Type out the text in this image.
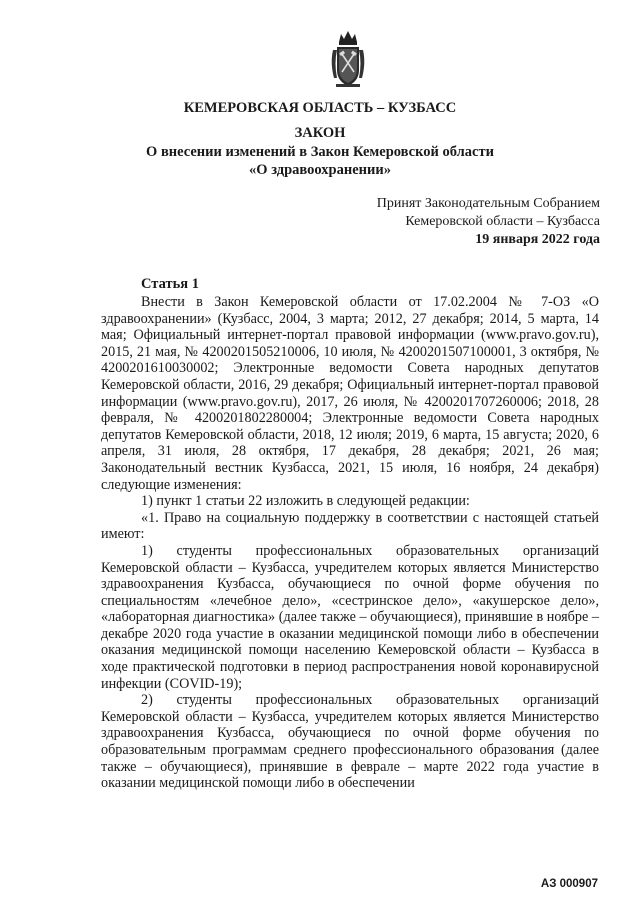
КЕМЕРОВСКАЯ ОБЛАСТЬ – КУЗБАСС
ЗАКОН
О внесении изменений в Закон Кемеровской области
«О здравоохранении»
Принят Законодательным Собранием
Кемеровской области – Кузбасса
19 января 2022 года
Статья 1

Внести в Закон Кемеровской области от 17.02.2004 № 7-ОЗ «О здравоохранении» (Кузбасс, 2004, 3 марта; 2012, 27 декабря; 2014, 5 марта, 14 мая; Официальный интернет-портал правовой информации (www.pravo.gov.ru), 2015, 21 мая, № 4200201505210006, 10 июля, № 4200201507100001, 3 октября, № 4200201610030002; Электронные ведомости Совета народных депутатов Кемеровской области, 2016, 29 декабря; Официальный интернет-портал правовой информации (www.pravo.gov.ru), 2017, 26 июля, № 4200201707260006; 2018, 28 февраля, № 4200201802280004; Электронные ведомости Совета народных депутатов Кемеровской области, 2018, 12 июля; 2019, 6 марта, 15 августа; 2020, 6 апреля, 31 июля, 28 октября, 17 декабря, 28 декабря; 2021, 26 мая; Законодательный вестник Кузбасса, 2021, 15 июля, 16 ноября, 24 декабря) следующие изменения:

1) пункт 1 статьи 22 изложить в следующей редакции:

«1. Право на социальную поддержку в соответствии с настоящей статьей имеют:

1) студенты профессиональных образовательных организаций Кемеровской области – Кузбасса, учредителем которых является Министерство здравоохранения Кузбасса, обучающиеся по очной форме обучения по специальностям «лечебное дело», «сестринское дело», «акушерское дело», «лабораторная диагностика» (далее также – обучающиеся), принявшие в ноябре – декабре 2020 года участие в оказании медицинской помощи либо в обеспечении оказания медицинской помощи населению Кемеровской области – Кузбасса в ходе практической подготовки в период распространения новой коронавирусной инфекции (COVID-19);

2) студенты профессиональных образовательных организаций Кемеровской области – Кузбасса, учредителем которых является Министерство здравоохранения Кузбасса, обучающиеся по очной форме обучения по образовательным программам среднего профессионального образования (далее также – обучающиеся), принявшие в феврале – марте 2022 года участие в оказании медицинской помощи либо в обеспечении

АЗ 000907
